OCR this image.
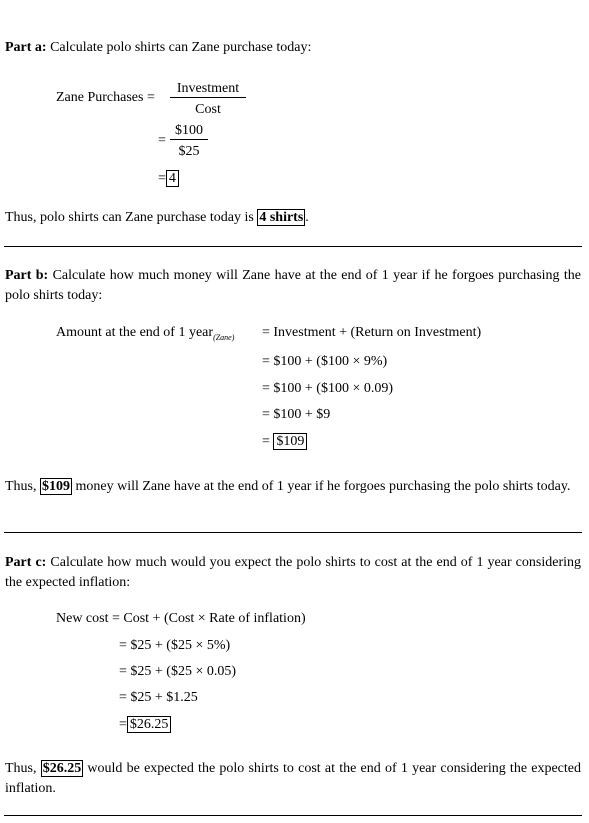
Part a: Calculate polo shirts can Zane purchase today:
Zane Purchases =
Investment
Cost
= $\frac{\$100}{\$25}$
= 4
Thus, polo shirts can Zane purchase today is 4 shirts .
Part b: Calculate how much money will Zane have at the end of 1 year if he forgoes purchasing the polo shirts today:
Amount at the end of 1 year$_{(Zane)}$ = Investment + (Return on Investment)
= $100 + ($100 × 9%)
= $100 + ($100 × 0.09)
= $100 + $9
= $109
Thus, $109 money will Zane have at the end of 1 year if he forgoes purchasing the polo shirts today.
Part c: Calculate how much would you expect the polo shirts to cost at the end of 1 year considering the expected inflation:
New cost = Cost + (Cost × Rate of inflation)
= $25 + ($25 × 5%)
= $25 + ($25 × 0.05)
= $25 + $1.25
= $26.25
Thus, $26.25 would be expected the polo shirts to cost at the end of 1 year considering the expected inflation.
